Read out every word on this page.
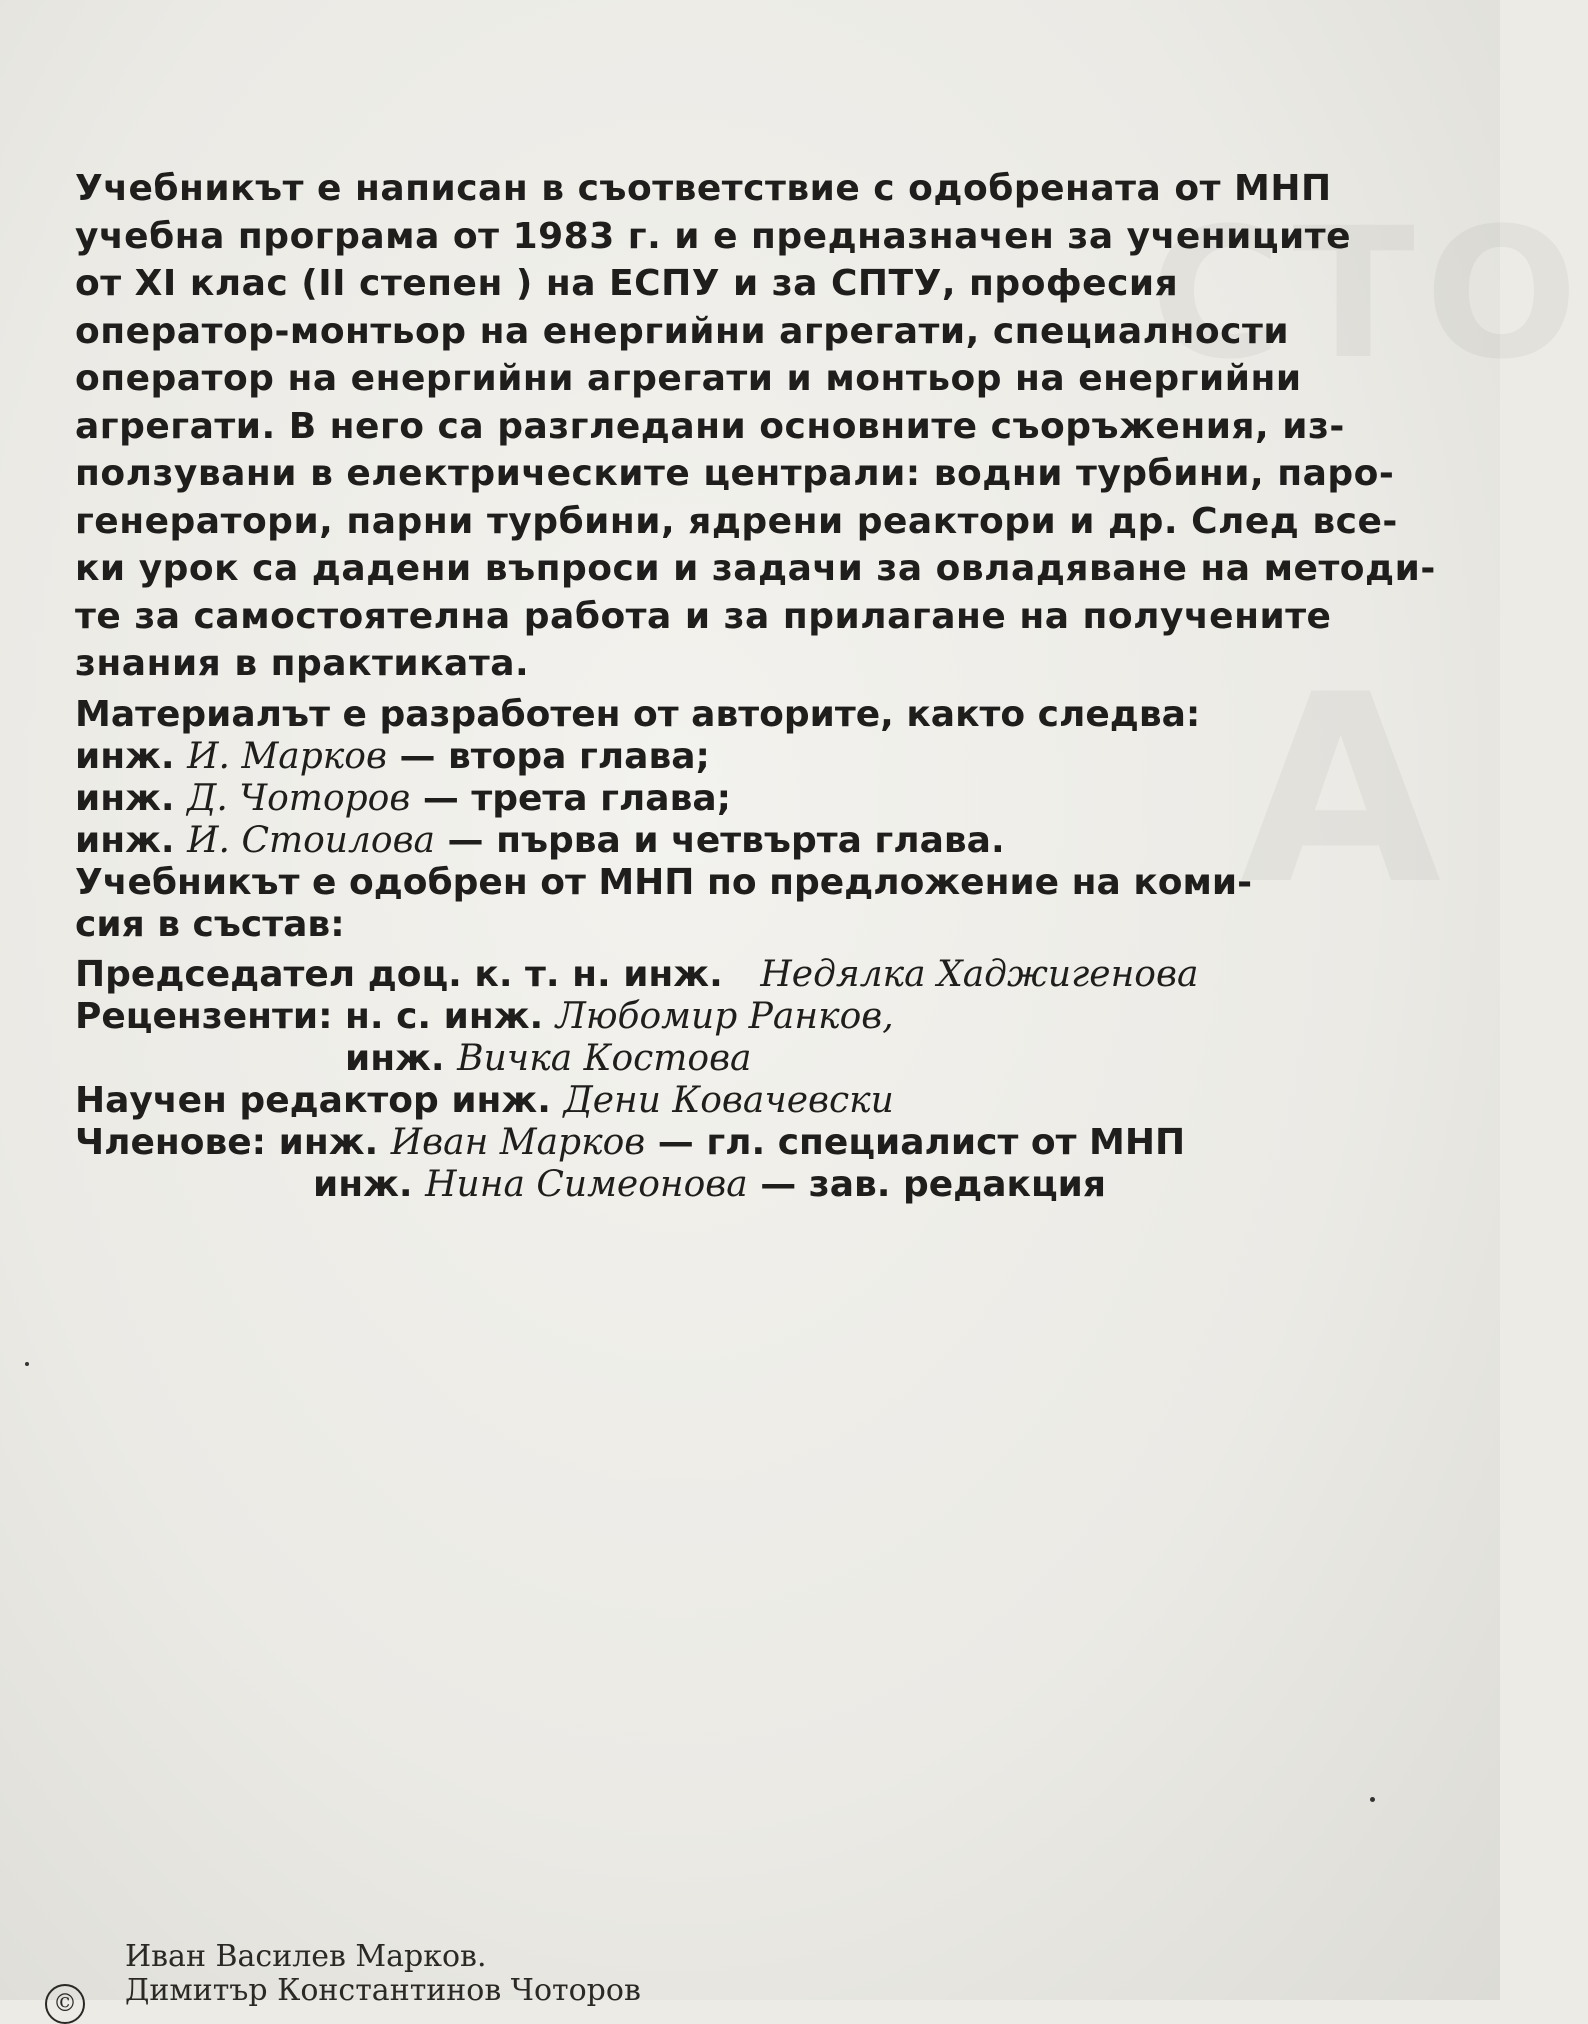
СТО
А

Учебникът е написан в съответствие с одобрената от МНП
учебна програма от 1983 г. и е предназначен за учениците
от XI клас (II степен ) на ЕСПУ и за СПТУ, професия
оператор-монтьор на енергийни агрегати, специалности
оператор на енергийни агрегати и монтьор на енергийни
агрегати. В него са разгледани основните съоръжения, из-
ползувани в електрическите централи: водни турбини, паро-
генератори, парни турбини, ядрени реактори и др. След все-
ки урок са дадени въпроси и задачи за овладяване на методи-
те за самостоятелна работа и за прилагане на получените
знания в практиката.

Материалът е разработен от авторите, както следва:
инж. И. Марков — втора глава;
инж. Д. Чоторов — трета глава;
инж. И. Стоилова — първа и четвърта глава.
Учебникът е одобрен от МНП по предложение на коми-
сия в състав:
Председател доц. к. т. н. инж. Недялка Хаджигенова
Рецензенти: н. с. инж. Любомир Ранков,
инж. Вичка Костова
Научен редактор инж. Дени Ковачевски
Членове: инж. Иван Марков — гл. специалист от МНП
инж. Нина Симеонова — зав. редакция
©
Иван Василев Марков.
Димитър Константинов Чоторов
